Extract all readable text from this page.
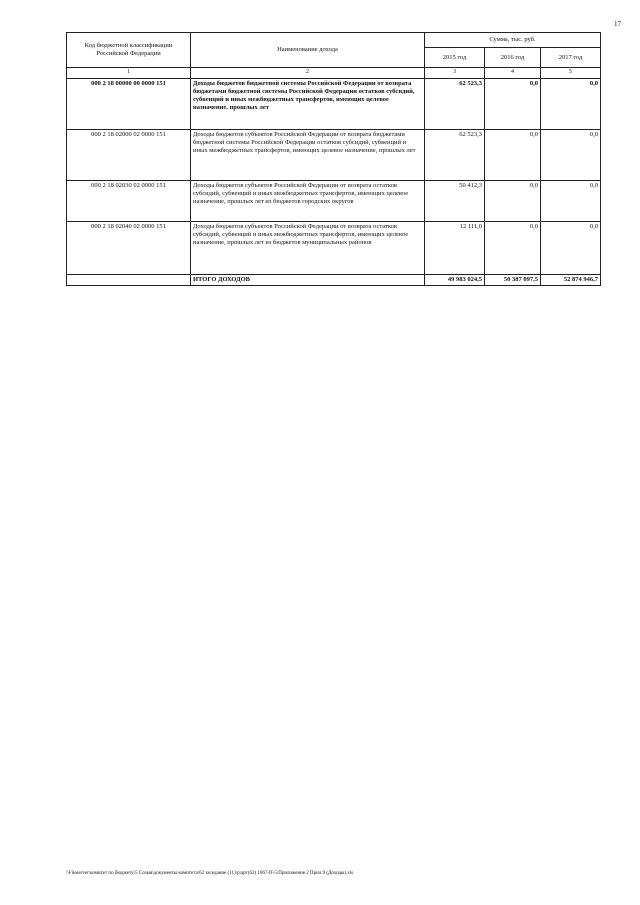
17
Код бюджетной классификации Российской Федерации	Наименование дохода	Сумма, тыс. руб.		
		2015 год	2016 год	2017 год
1	2	3	4	5
000 2 18 00000 00 0000 151	Доходы бюджетов бюджетной системы Российской Федерации от возврата бюджетами бюджетной системы Российской Федерации остатков субсидий, субвенций и иных межбюджетных трансфертов, имеющих целевое назначение, прошлых лет	62 523,3	0,0	0,0
000 2 18 02000 02 0000 151	Доходы бюджетов субъектов Российской Федерации от возврата бюджетами бюджетной системы Российской Федерации остатков субсидий, субвенций и иных межбюджетных трансфертов, имеющих целевое назначение, прошлых лет	62 523,3	0,0	0,0
000 2 18 02030 02 0000 151	Доходы бюджетов субъектов Российской Федерации от возврата остатков субсидий, субвенций и иных межбюджетных трансфертов, имеющих целевое назначение, прошлых лет из бюджетов городских округов	50 412,3	0,0	0,0
000 2 18 02040 02 0000 151	Доходы бюджетов субъектов Российской Федерации от возврата остатков субсидий, субвенций и иных межбюджетных трансфертов, имеющих целевое назначение, прошлых лет из бюджетов муниципальных районов	12 111,0	0,0	0,0
	ИТОГО ДОХОДОВ	49 983 024,5	50 387 097,5	52 874 946,7
\\Fileserver\комитет по бюджету\5 Созыв\документы комитета\62 заседание (11)\р\арт(62) 1667-П-5\Приложение 2 Прил.9 (Доходы).xls
